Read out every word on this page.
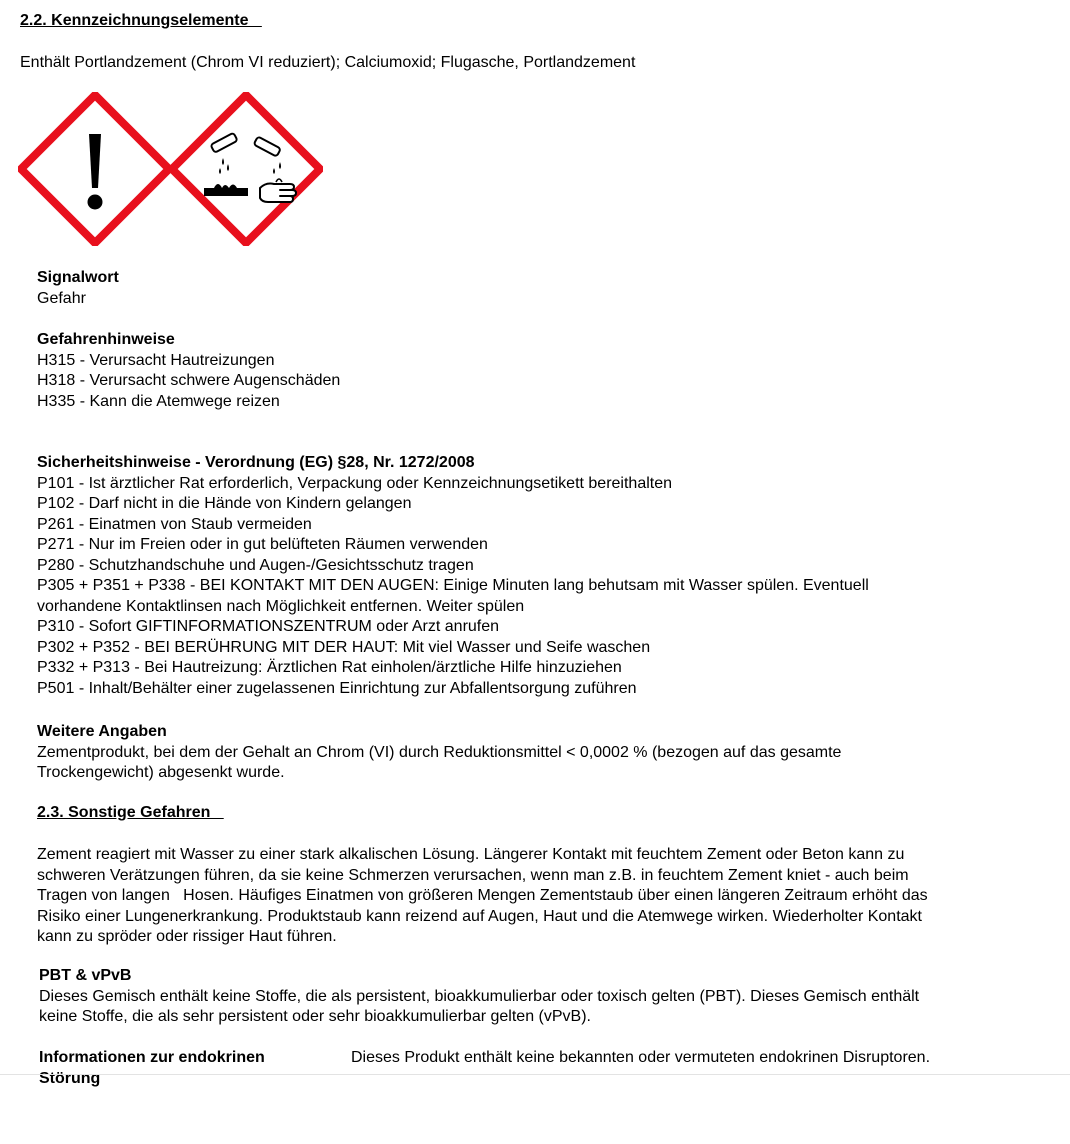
2.2. Kennzeichnungselemente
Enthält Portlandzement (Chrom VI reduziert); Calciumoxid; Flugasche, Portlandzement
Signalwort
Gefahr
Gefahrenhinweise
H315 - Verursacht Hautreizungen
H318 - Verursacht schwere Augenschäden
H335 - Kann die Atemwege reizen
Sicherheitshinweise - Verordnung (EG) §28, Nr. 1272/2008
P101 - Ist ärztlicher Rat erforderlich, Verpackung oder Kennzeichnungsetikett bereithalten
P102 - Darf nicht in die Hände von Kindern gelangen
P261 - Einatmen von Staub vermeiden
P271 - Nur im Freien oder in gut belüfteten Räumen verwenden
P280 - Schutzhandschuhe und Augen-/Gesichtsschutz tragen
P305 + P351 + P338 - BEI KONTAKT MIT DEN AUGEN: Einige Minuten lang behutsam mit Wasser spülen. Eventuell
vorhandene Kontaktlinsen nach Möglichkeit entfernen. Weiter spülen
P310 - Sofort GIFTINFORMATIONSZENTRUM oder Arzt anrufen
P302 + P352 - BEI BERÜHRUNG MIT DER HAUT: Mit viel Wasser und Seife waschen
P332 + P313 - Bei Hautreizung: Ärztlichen Rat einholen/ärztliche Hilfe hinzuziehen
P501 - Inhalt/Behälter einer zugelassenen Einrichtung zur Abfallentsorgung zuführen
Weitere Angaben
Zementprodukt, bei dem der Gehalt an Chrom (VI) durch Reduktionsmittel < 0,0002 % (bezogen auf das gesamte
Trockengewicht) abgesenkt wurde.
2.3. Sonstige Gefahren
Zement reagiert mit Wasser zu einer stark alkalischen Lösung. Längerer Kontakt mit feuchtem Zement oder Beton kann zu
schweren Verätzungen führen, da sie keine Schmerzen verursachen, wenn man z.B. in feuchtem Zement kniet - auch beim
Tragen von langen   Hosen. Häufiges Einatmen von größeren Mengen Zementstaub über einen längeren Zeitraum erhöht das
Risiko einer Lungenerkrankung. Produktstaub kann reizend auf Augen, Haut und die Atemwege wirken. Wiederholter Kontakt
kann zu spröder oder rissiger Haut führen.
PBT & vPvB
Dieses Gemisch enthält keine Stoffe, die als persistent, bioakkumulierbar oder toxisch gelten (PBT). Dieses Gemisch enthält
keine Stoffe, die als sehr persistent oder sehr bioakkumulierbar gelten (vPvB).
Informationen zur endokrinen
Störung
Dieses Produkt enthält keine bekannten oder vermuteten endokrinen Disruptoren.
